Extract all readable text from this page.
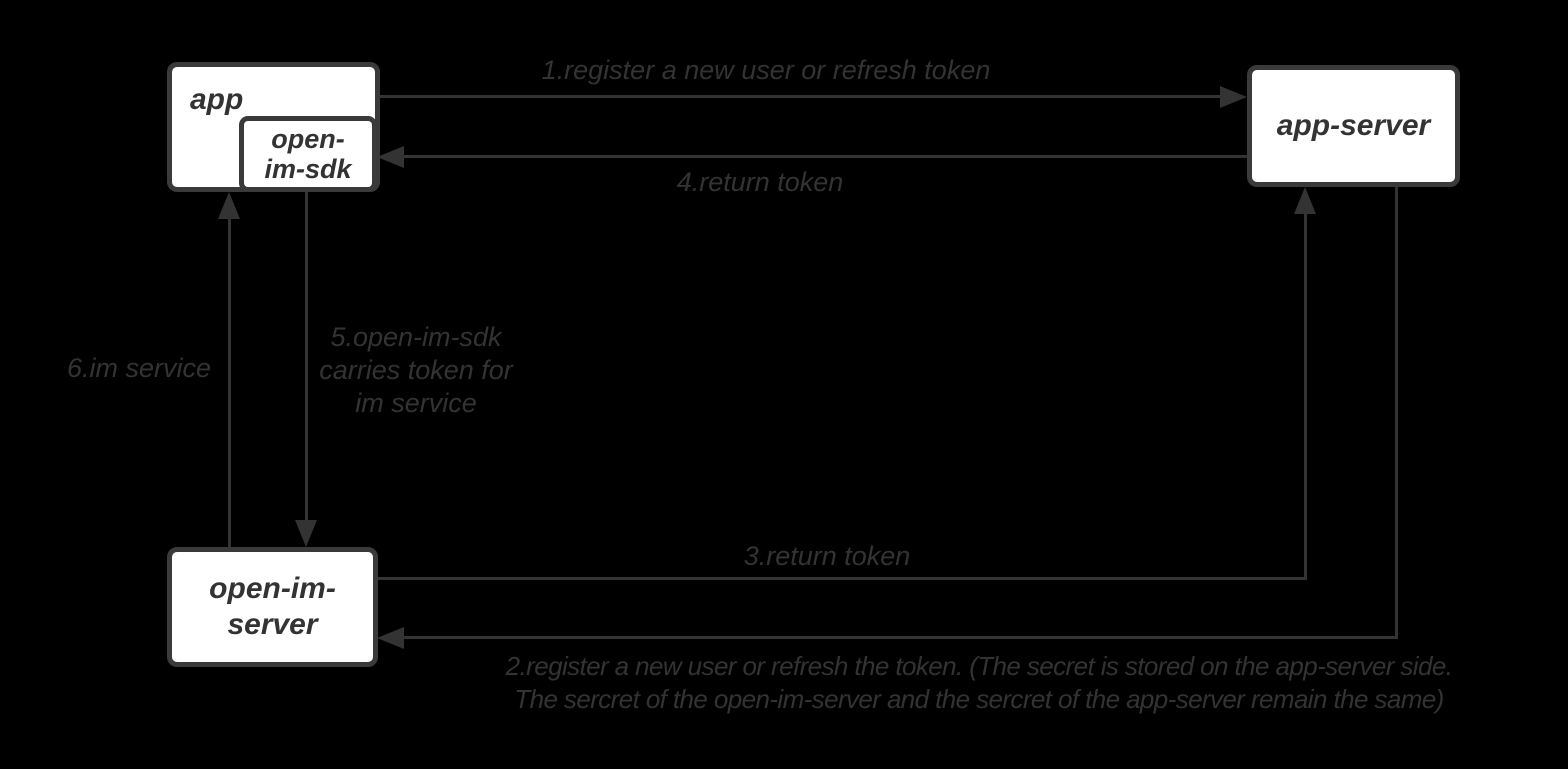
1.register a new user or refresh token
4.return token
6.im service
5.open-im-sdk
carries token for
im service
3.return token
2.register a new user or refresh the token. (The secret is stored on the app-server side.
The sercret of the open-im-server and the sercret of the app-server remain the same)
app
open-
im-sdk
app-server
open-im-
server
